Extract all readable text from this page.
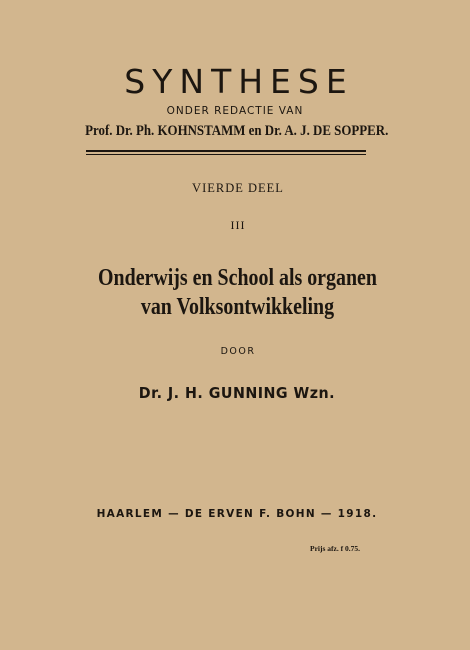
SYNTHESE
ONDER REDACTIE VAN
Prof. Dr. Ph. KOHNSTAMM en Dr. A. J. DE SOPPER.
VIERDE DEEL
III
Onderwijs en School als organen
van Volksontwikkeling
DOOR
Dr. J. H. GUNNING Wzn.
HAARLEM — DE ERVEN F. BOHN — 1918.
Prijs afz. f 0.75.
